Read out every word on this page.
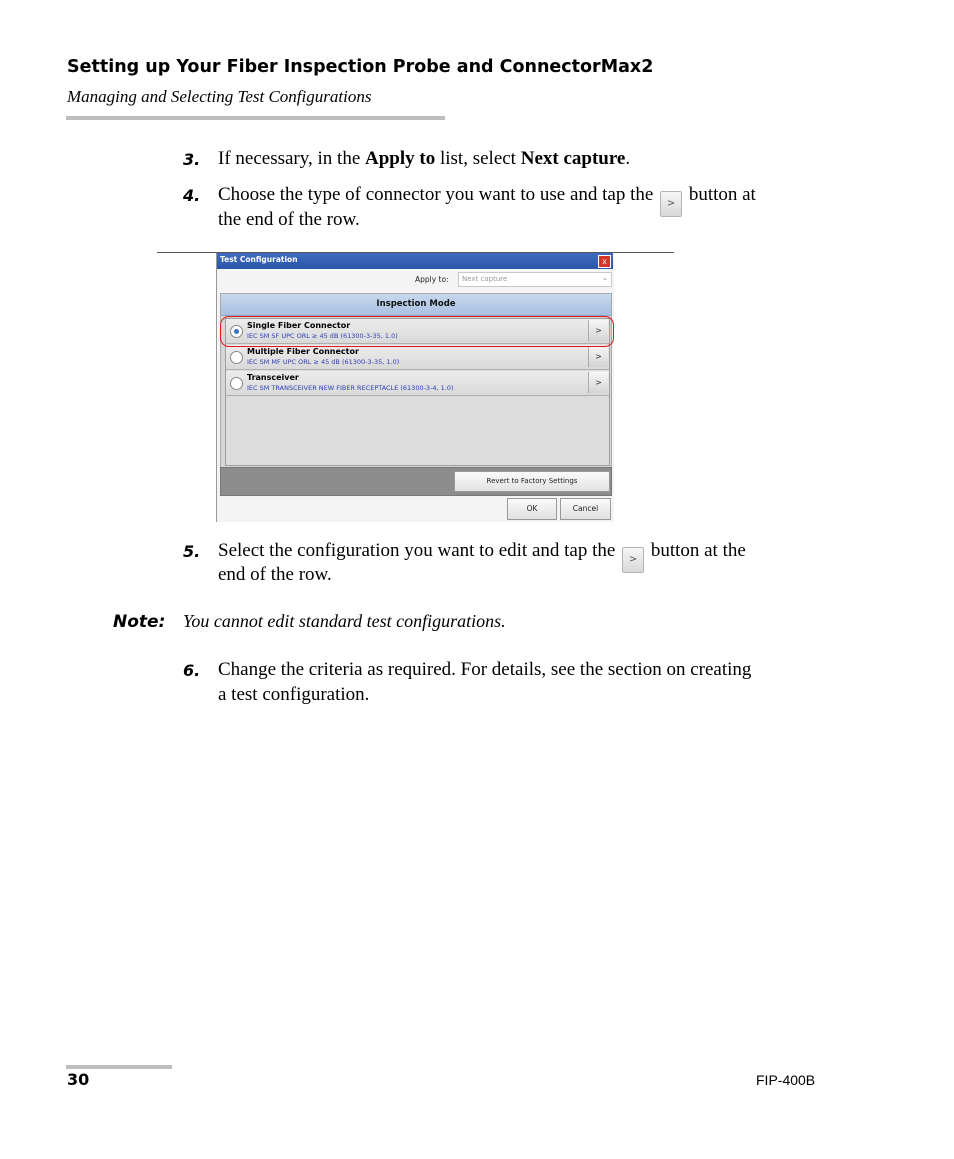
Setting up Your Fiber Inspection Probe and ConnectorMax2
Managing and Selecting Test Configurations
3. If necessary, in the Apply to list, select Next capture.
4. Choose the type of connector you want to use and tap the > button at
the end of the row.
Test Configuration	x
Apply to: Next capture	⌄
Inspection Mode
Single Fiber Connector
IEC SM SF UPC ORL ≥ 45 dB (61300-3-35, 1.0)
>
Multiple Fiber Connector
IEC SM MF UPC ORL ≥ 45 dB (61300-3-35, 1.0)
>
Transceiver
IEC SM TRANSCEIVER NEW FIBER RECEPTACLE (61300-3-4, 1.0)
>
Revert to Factory Settings
OK	Cancel
5. Select the configuration you want to edit and tap the > button at the
end of the row.
Note: You cannot edit standard test configurations.
6. Change the criteria as required. For details, see the section on creating
a test configuration.
30	FIP-400B
